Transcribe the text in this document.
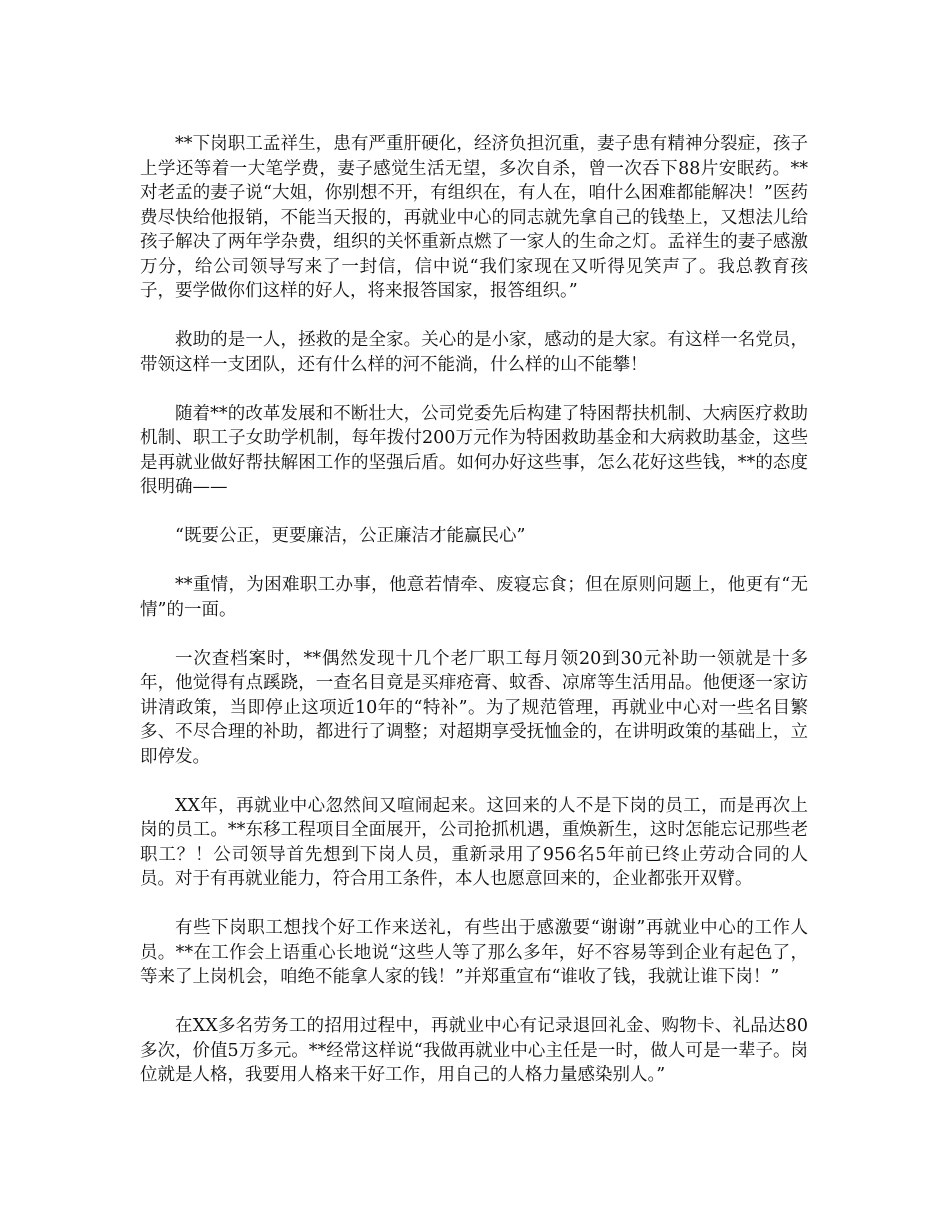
**下岗职工孟祥生，患有严重肝硬化，经济负担沉重，妻子患有精神分裂症，孩子上学还等着一大笔学费，妻子感觉生活无望，多次自杀，曾一次吞下88片安眠药。**对老孟的妻子说“大姐，你别想不开，有组织在，有人在，咱什么困难都能解决！”医药费尽快给他报销，不能当天报的，再就业中心的同志就先拿自己的钱垫上，又想法儿给孩子解决了两年学杂费，组织的关怀重新点燃了一家人的生命之灯。孟祥生的妻子感激万分，给公司领导写来了一封信，信中说“我们家现在又听得见笑声了。我总教育孩子，要学做你们这样的好人，将来报答国家，报答组织。”

救助的是一人，拯救的是全家。关心的是小家，感动的是大家。有这样一名党员，带领这样一支团队，还有什么样的河不能淌，什么样的山不能攀！

随着**的改革发展和不断壮大，公司党委先后构建了特困帮扶机制、大病医疗救助机制、职工子女助学机制，每年拨付200万元作为特困救助基金和大病救助基金，这些是再就业做好帮扶解困工作的坚强后盾。如何办好这些事，怎么花好这些钱，**的态度很明确——

“既要公正，更要廉洁，公正廉洁才能赢民心”

**重情，为困难职工办事，他意若情牵、废寝忘食；但在原则问题上，他更有“无情”的一面。

一次查档案时，**偶然发现十几个老厂职工每月领20到30元补助一领就是十多年，他觉得有点蹊跷，一查名目竟是买痱疮膏、蚊香、凉席等生活用品。他便逐一家访讲清政策，当即停止这项近10年的“特补”。为了规范管理，再就业中心对一些名目繁多、不尽合理的补助，都进行了调整；对超期享受抚恤金的，在讲明政策的基础上，立即停发。

XX年，再就业中心忽然间又喧闹起来。这回来的人不是下岗的员工，而是再次上岗的员工。**东移工程项目全面展开，公司抢抓机遇，重焕新生，这时怎能忘记那些老职工？！公司领导首先想到下岗人员，重新录用了956名5年前已终止劳动合同的人员。对于有再就业能力，符合用工条件，本人也愿意回来的，企业都张开双臂。

有些下岗职工想找个好工作来送礼，有些出于感激要“谢谢”再就业中心的工作人员。**在工作会上语重心长地说“这些人等了那么多年，好不容易等到企业有起色了，等来了上岗机会，咱绝不能拿人家的钱！”并郑重宣布“谁收了钱，我就让谁下岗！”

在XX多名劳务工的招用过程中，再就业中心有记录退回礼金、购物卡、礼品达80多次，价值5万多元。**经常这样说“我做再就业中心主任是一时，做人可是一辈子。岗位就是人格，我要用人格来干好工作，用自己的人格力量感染别人。”
